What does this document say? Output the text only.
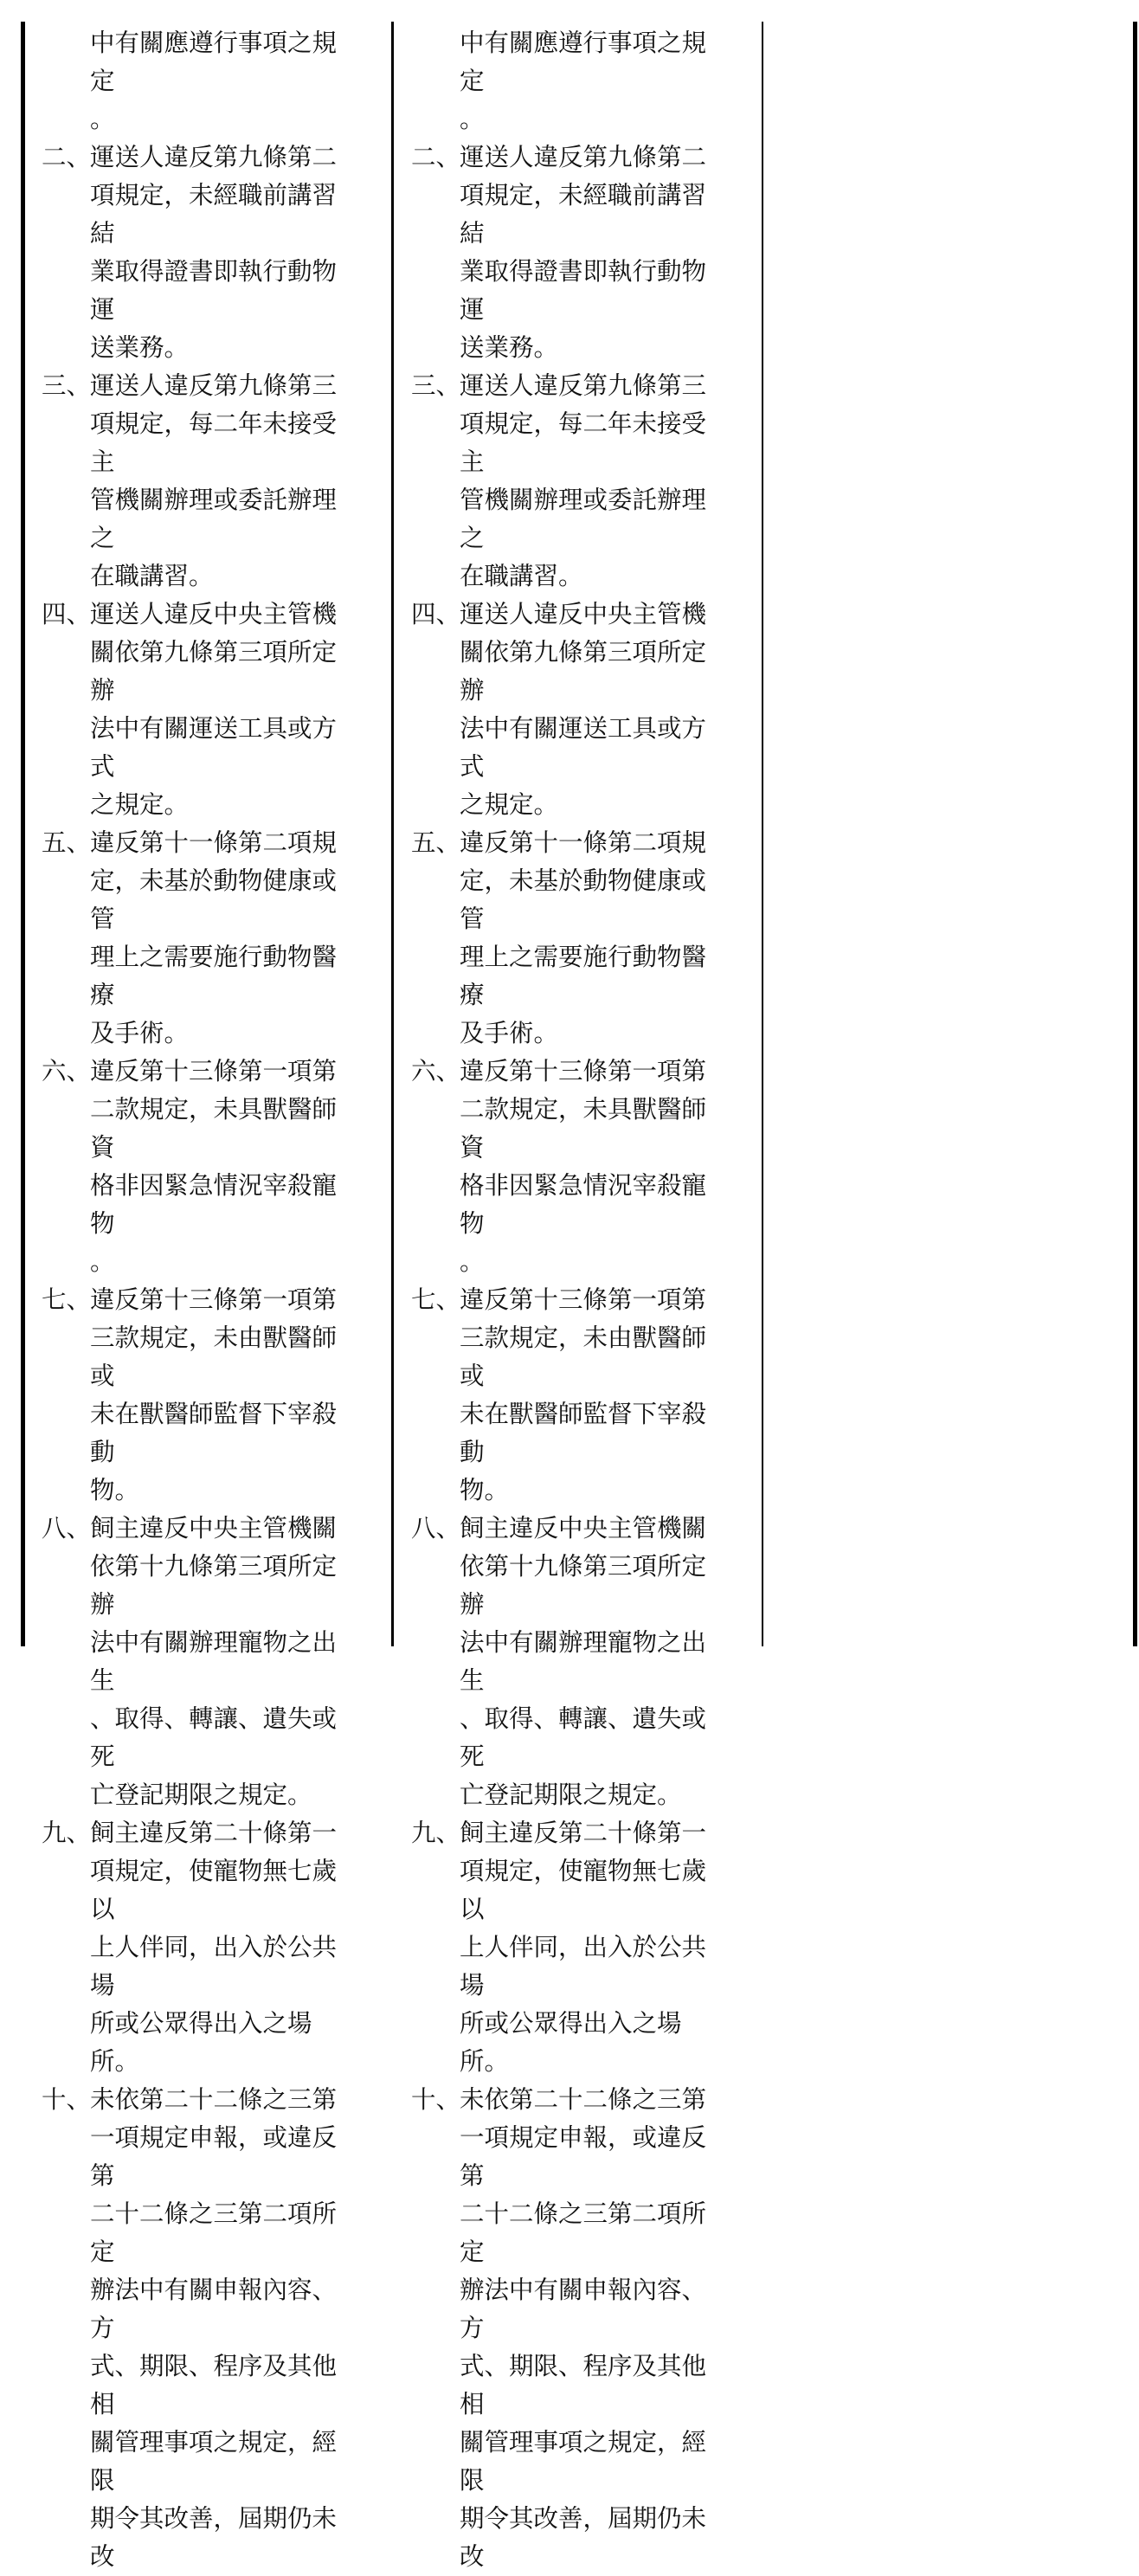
中有關應遵行事項之規定
。
二、
運送人違反第九條第二
項規定，未經職前講習結
業取得證書即執行動物運
送業務。
三、
運送人違反第九條第三
項規定，每二年未接受主
管機關辦理或委託辦理之
在職講習。
四、
運送人違反中央主管機
關依第九條第三項所定辦
法中有關運送工具或方式
之規定。
五、
違反第十一條第二項規
定，未基於動物健康或管
理上之需要施行動物醫療
及手術。
六、
違反第十三條第一項第
二款規定，未具獸醫師資
格非因緊急情況宰殺寵物
。
七、
違反第十三條第一項第
三款規定，未由獸醫師或
未在獸醫師監督下宰殺動
物。
八、
飼主違反中央主管機關
依第十九條第三項所定辦
法中有關辦理寵物之出生
、取得、轉讓、遺失或死
亡登記期限之規定。
九、
飼主違反第二十條第一
項規定，使寵物無七歲以
上人伴同，出入於公共場
所或公眾得出入之場所。
十、
未依第二十二條之三第
一項規定申報，或違反第
二十二條之三第二項所定
辦法中有關申報內容、方
式、期限、程序及其他相
關管理事項之規定，經限
期令其改善，屆期仍未改
中有關應遵行事項之規定
。
二、
運送人違反第九條第二
項規定，未經職前講習結
業取得證書即執行動物運
送業務。
三、
運送人違反第九條第三
項規定，每二年未接受主
管機關辦理或委託辦理之
在職講習。
四、
運送人違反中央主管機
關依第九條第三項所定辦
法中有關運送工具或方式
之規定。
五、
違反第十一條第二項規
定，未基於動物健康或管
理上之需要施行動物醫療
及手術。
六、
違反第十三條第一項第
二款規定，未具獸醫師資
格非因緊急情況宰殺寵物
。
七、
違反第十三條第一項第
三款規定，未由獸醫師或
未在獸醫師監督下宰殺動
物。
八、
飼主違反中央主管機關
依第十九條第三項所定辦
法中有關辦理寵物之出生
、取得、轉讓、遺失或死
亡登記期限之規定。
九、
飼主違反第二十條第一
項規定，使寵物無七歲以
上人伴同，出入於公共場
所或公眾得出入之場所。
十、
未依第二十二條之三第
一項規定申報，或違反第
二十二條之三第二項所定
辦法中有關申報內容、方
式、期限、程序及其他相
關管理事項之規定，經限
期令其改善，屆期仍未改
